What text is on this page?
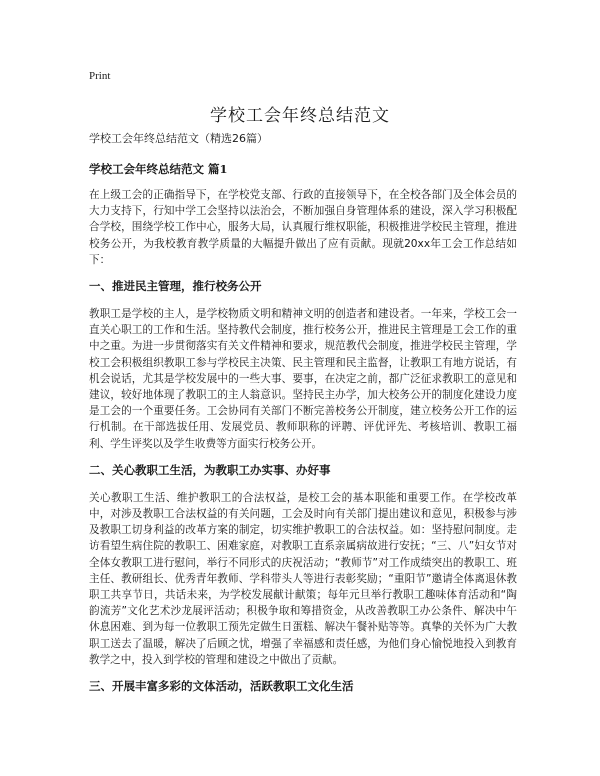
Print
学校工会年终总结范文

学校工会年终总结范文（精选26篇）

学校工会年终总结范文 篇1

在上级工会的正确指导下，在学校党支部、行政的直接领导下，在全校各部门及全体会员的大力支持下，行知中学工会坚持以法治会，不断加强自身管理体系的建设，深入学习积极配合学校，围绕学校工作中心，服务大局，认真履行维权职能，积极推进学校民主管理，推进校务公开，为我校教育教学质量的大幅提升做出了应有贡献。现就20xx年工会工作总结如下：

一、推进民主管理，推行校务公开

教职工是学校的主人，是学校物质文明和精神文明的创造者和建设者。一年来，学校工会一直关心职工的工作和生活。坚持教代会制度，推行校务公开，推进民主管理是工会工作的重中之重。为进一步贯彻落实有关文件精神和要求，规范教代会制度，推进学校民主管理，学校工会积极组织教职工参与学校民主决策、民主管理和民主监督，让教职工有地方说话，有机会说话，尤其是学校发展中的一些大事、要事，在决定之前，都广泛征求教职工的意见和建议，较好地体现了教职工的主人翁意识。坚持民主办学，加大校务公开的制度化建设力度是工会的一个重要任务。工会协同有关部门不断完善校务公开制度，建立校务公开工作的运行机制。在干部选拔任用、发展党员、教师职称的评聘、评优评先、考核培训、教职工福利、学生评奖以及学生收费等方面实行校务公开。

二、关心教职工生活，为教职工办实事、办好事

关心教职工生活、维护教职工的合法权益，是校工会的基本职能和重要工作。在学校改革中，对涉及教职工合法权益的有关问题，工会及时向有关部门提出建议和意见，积极参与涉及教职工切身利益的改革方案的制定，切实维护教职工的合法权益。如：坚持慰问制度。走访看望生病住院的教职工、困难家庭，对教职工直系亲属病故进行安抚；“三、八”妇女节对全体女教职工进行慰问，举行不同形式的庆祝活动；“教师节”对工作成绩突出的教职工、班主任、教研组长、优秀青年教师、学科带头人等进行表彰奖励；“重阳节”邀请全体离退休教职工共享节日，共话未来，为学校发展献计献策；每年元旦举行教职工趣味体育活动和“陶韵流芳”文化艺术沙龙展评活动；积极争取和筹措资金，从改善教职工办公条件、解决中午休息困难、到为每一位教职工预先定做生日蛋糕、解决午餐补贴等等。真挚的关怀为广大教职工送去了温暖，解决了后顾之忧，增强了幸福感和责任感，为他们身心愉悦地投入到教育教学之中，投入到学校的管理和建设之中做出了贡献。

三、开展丰富多彩的文体活动，活跃教职工文化生活
